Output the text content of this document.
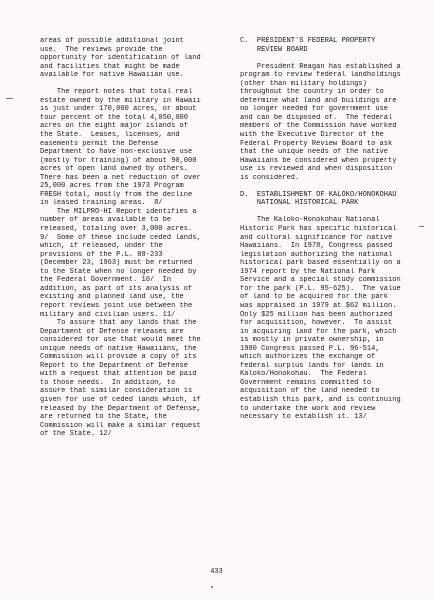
areas of possible additional joint
use.  The reviews provide the
opportunity for identification of land
and facilities that might be made
available for native Hawaiian use.
The report notes that total real
estate owned by the military in Hawaii
is just under 170,000 acres, or about
four percent of the total 4,050,000
acres on the eight major islands of
the State.  Leases, licenses, and
easements permit the Defense
Department to have non-exclusive use
(mostly for training) of about 90,000
acres of open land owned by others.
There has been a net reduction of over
25,000 acres from the 1973 Program
FRESH total, mostly from the decline
in leased training areas.  8/
The MILPRO-HI Report identifies a
number of areas available to be
released, totaling over 3,000 acres.
9/  Some of these include ceded lands,
which, if released, under the
provisions of the P.L. 88-233
(December 23, 1963) must be returned
to the State when no longer needed by
the Federal Government. 10/  In
addition, as part of its analysis of
existing and planned land use, the
report reviews joint use between the
military and civilian users. 11/
To assure that any lands that the
Department of Defense releases are
considered for use that would meet the
unique needs of native Hawaiians, the
Commission will provide a copy of its
Report to the Department of Defense
with a request that attention be paid
to those needs.  In addition, to
assure that similar consideration is
given for use of ceded lands which, if
released by the Department of Defense,
are returned to the State, the
Commission will make a similar request
of the State. 12/
C.  PRESIDENT'S FEDERAL PROPERTY
REVIEW BOARD
President Reagan has established a
program to review federal landholdings
(other than military holdings)
throughout the country in order to
determine what land and buildings are
no longer needed for government use
and can be disposed of.  The federal
members of the Commission have worked
with the Executive Director of the
Federal Property Review Board to ask
that the unique needs of the native
Hawaiians be considered when property
use is reviewed and when disposition
is considered.
D.  ESTABLISHMENT OF KALOKO/HONOKOHAU
NATIONAL HISTORICAL PARK
The Kaloko-Honokohau National
Historic Park has specific historical
and cultural significance for native
Hawaiians.  In 1978, Congress passed
legislation authorizing the national
historical park based essentially on a
1974 report by the National Park
Service and a special study commission
for the park (P.L. 95-625).  The value
of land to be acquired for the park
was appraised in 1979 at $62 million.
Only $25 million has been authorized
for acquisition, however.  To assist
in acquiring land for the park, which
is mostly in private ownership, in
1980 Congress passed P.L. 96-514,
which authorizes the exchange of
federal surplus lands for lands in
Kaloko/Honokohau.  The Federal
Government remains committed to
acquisition of the land needed to
establish this park, and is continuing
to undertake the work and review
necessary to establish it. 13/
433
